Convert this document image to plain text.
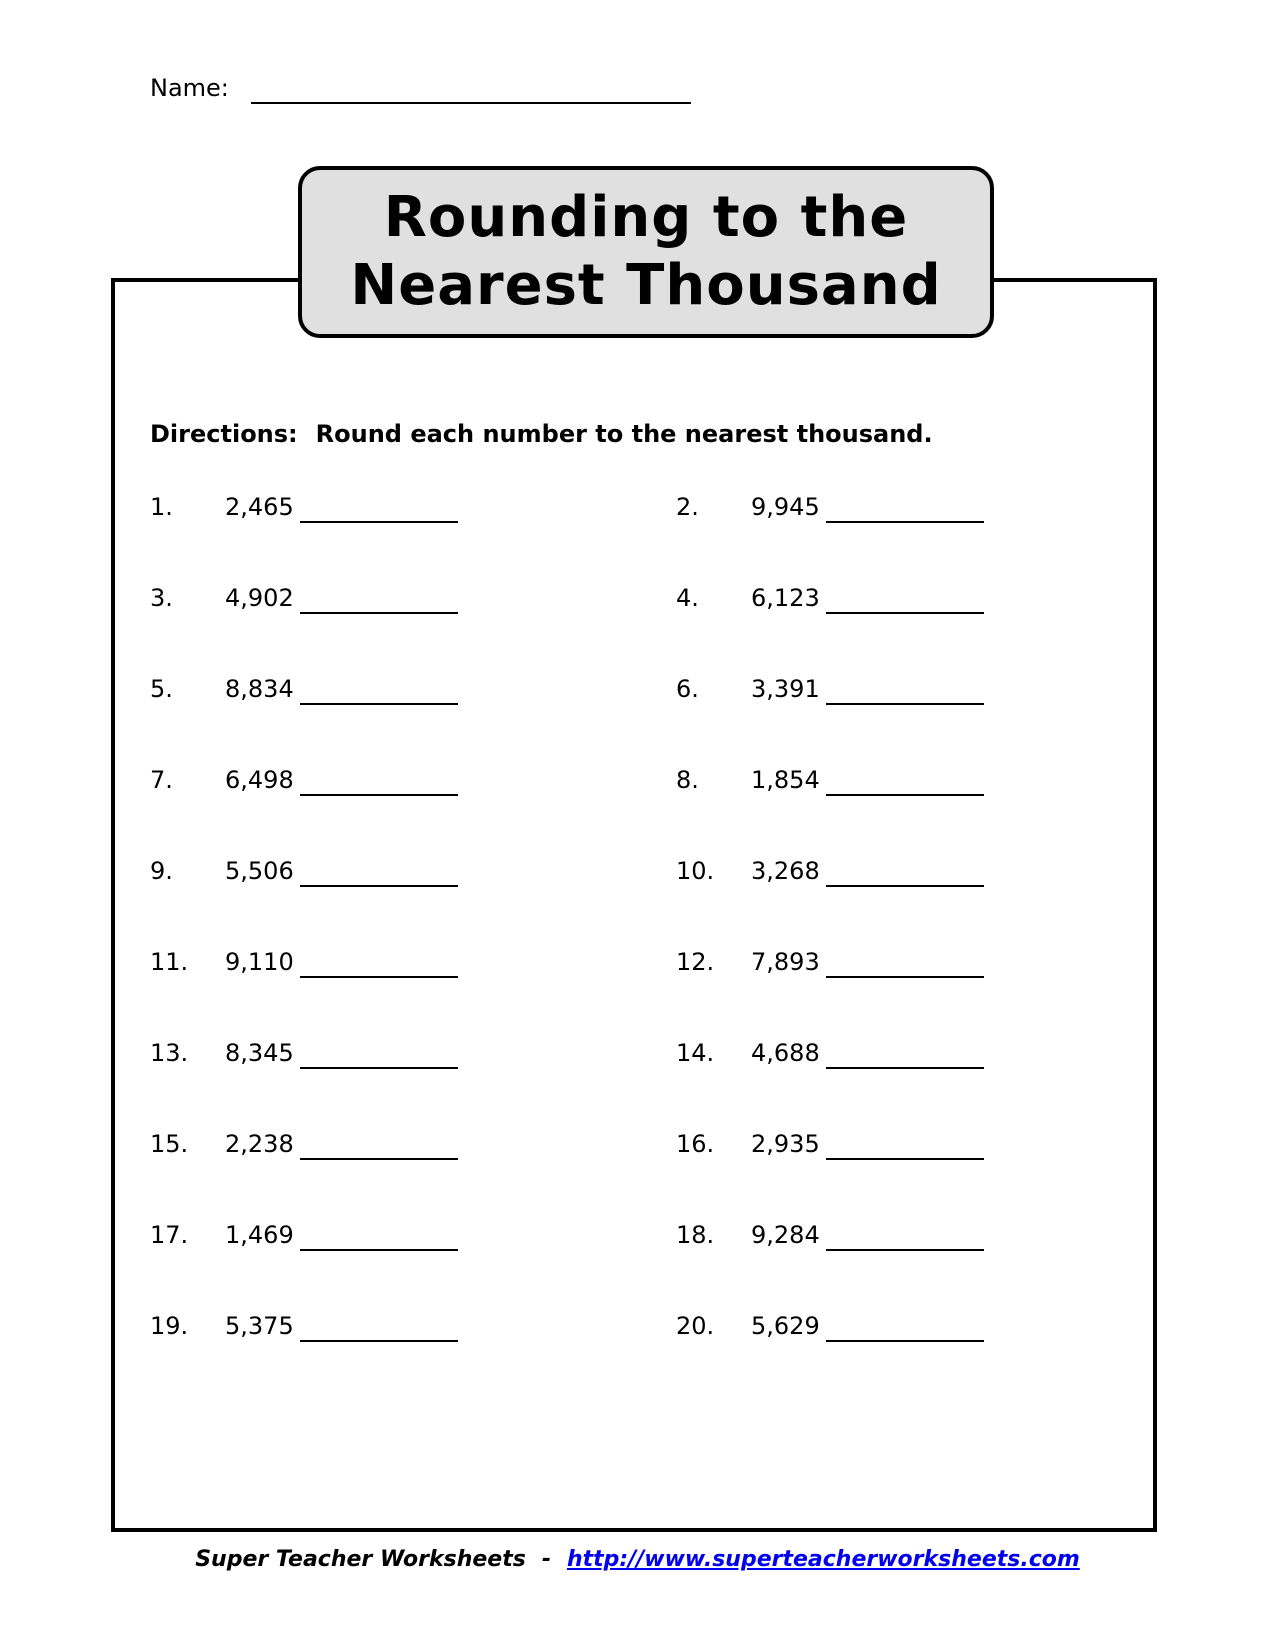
Name:
Rounding to the
Nearest Thousand
Directions: Round each number to the nearest thousand.
1. 2,465	2. 9,945
3. 4,902	4. 6,123
5. 8,834	6. 3,391
7. 6,498	8. 1,854
9. 5,506	10. 3,268
11. 9,110	12. 7,893
13. 8,345	14. 4,688
15. 2,238	16. 2,935
17. 1,469	18. 9,284
19. 5,375	20. 5,629
Super Teacher Worksheets - http://www.superteacherworksheets.com
